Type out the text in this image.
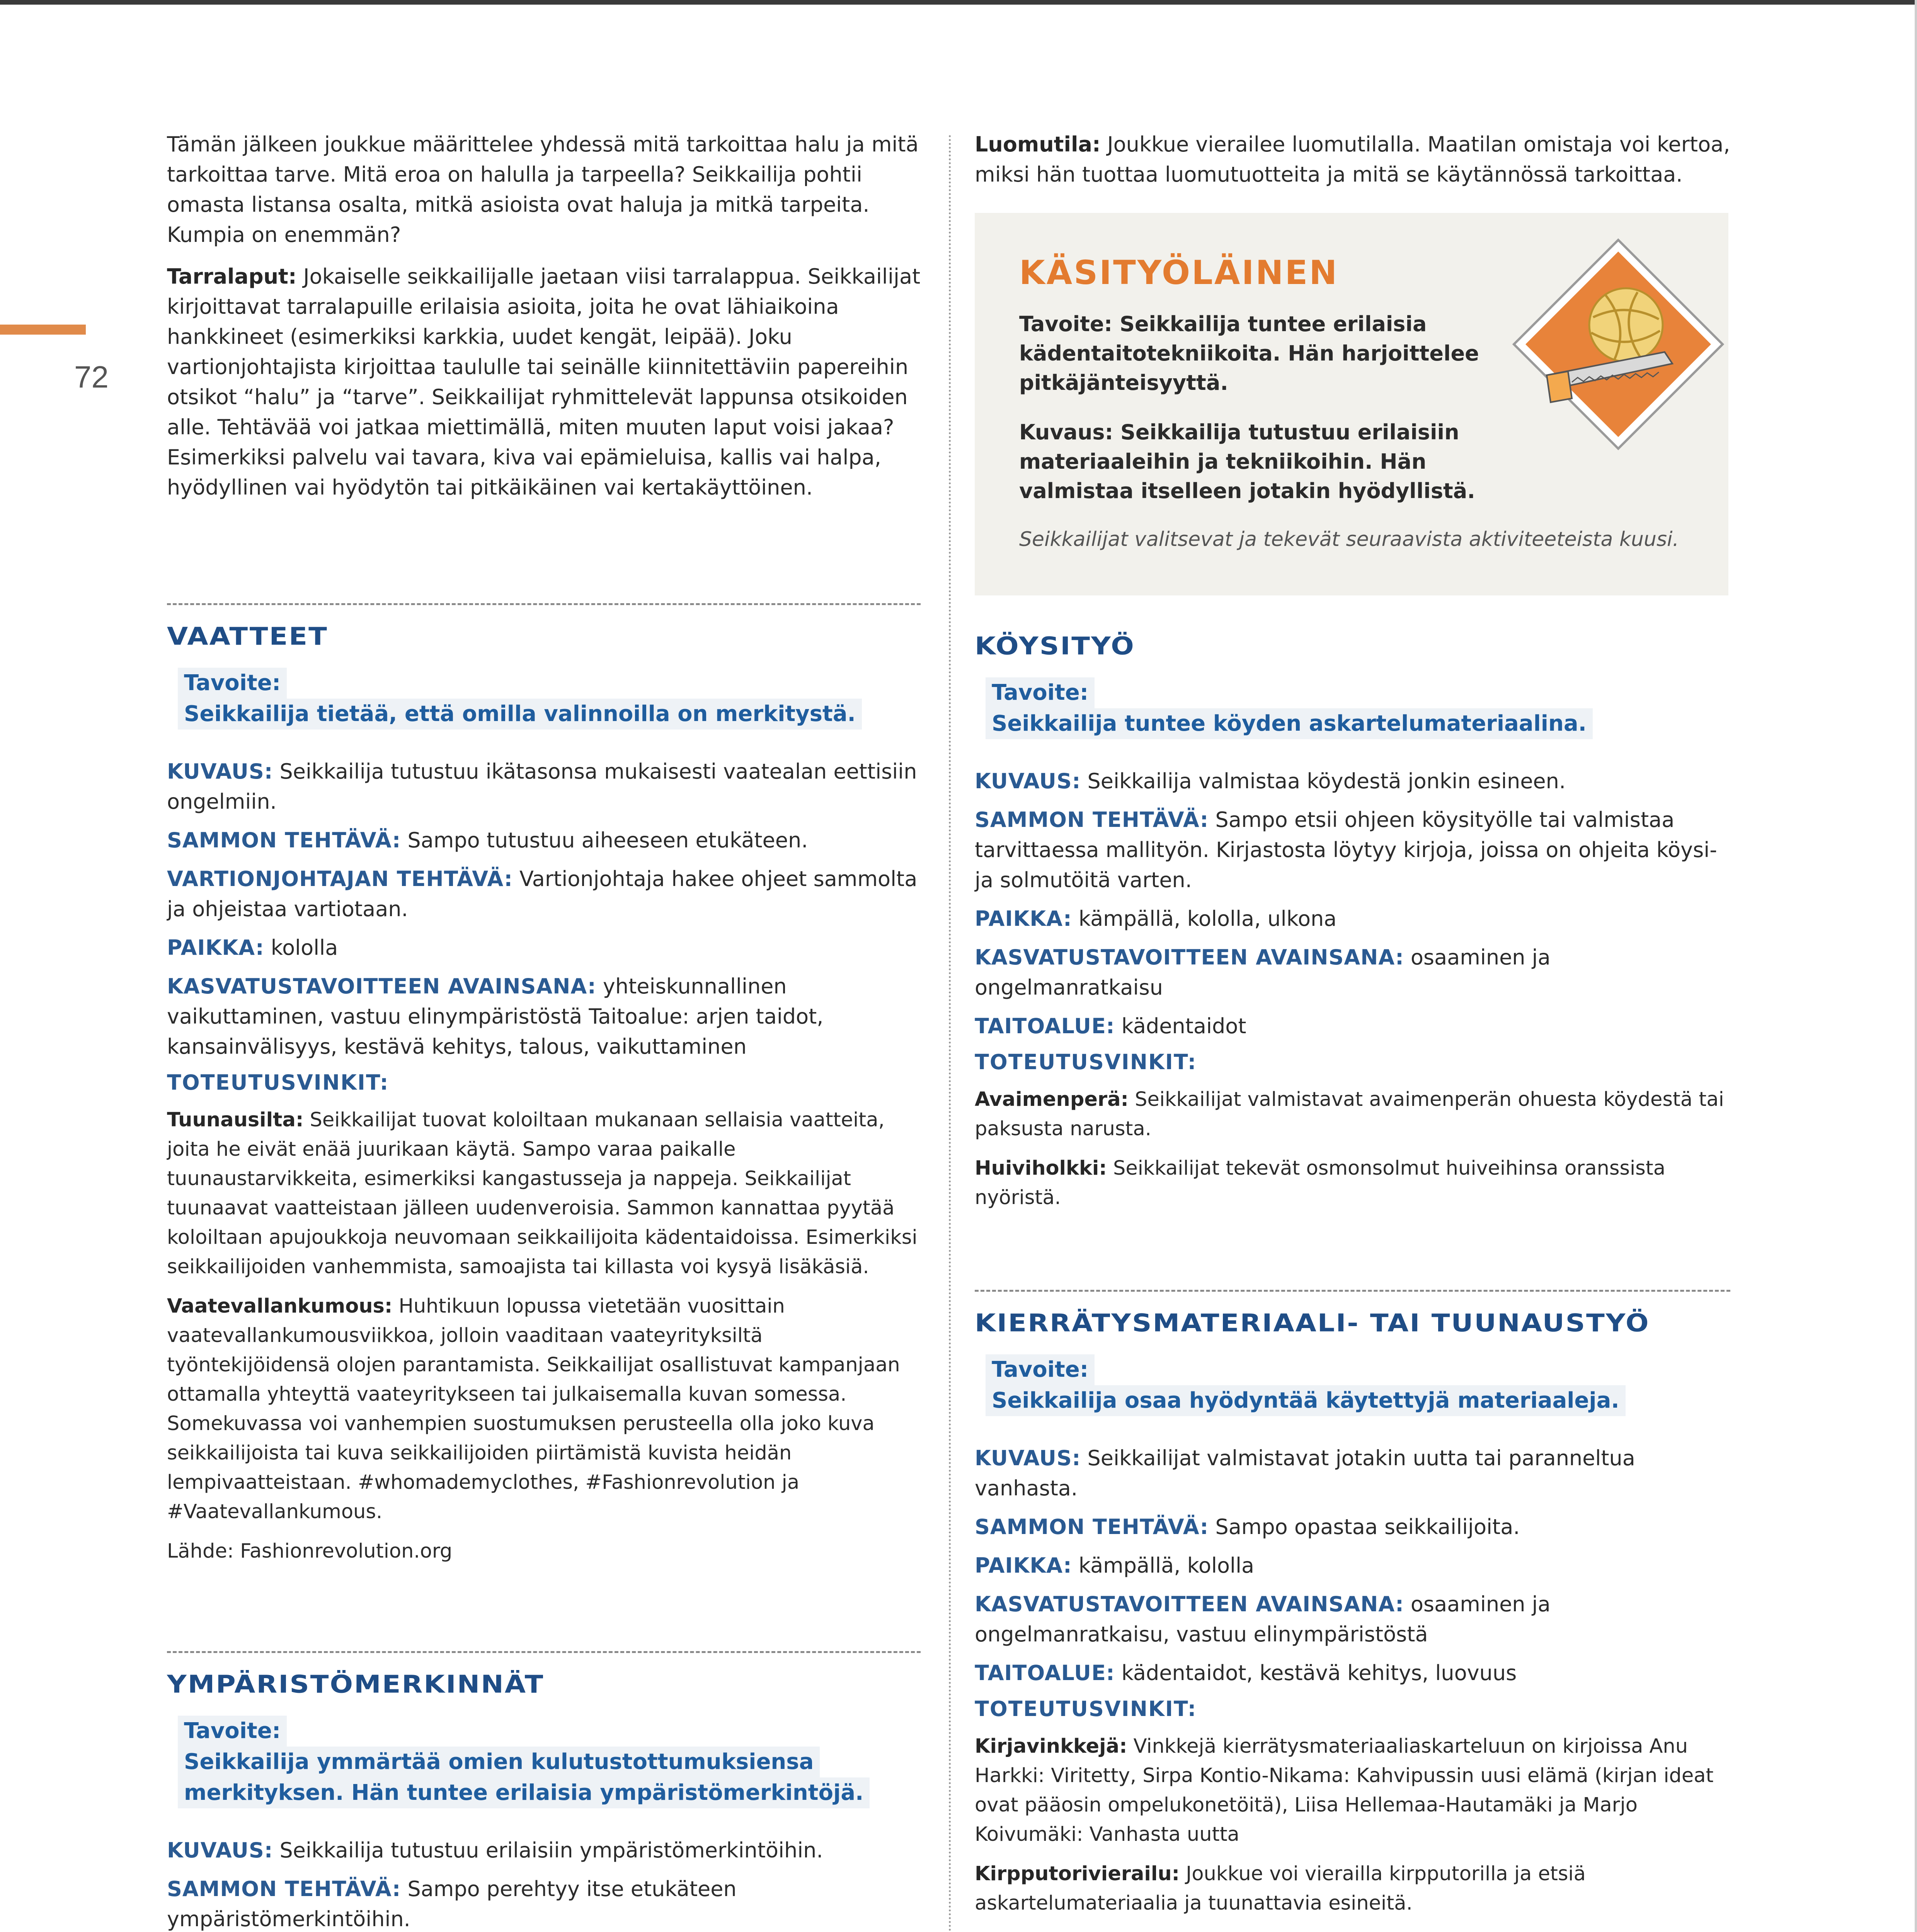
72

Tämän jälkeen joukkue määrittelee yhdessä mitä tarkoittaa halu ja mitä tarkoittaa tarve. Mitä eroa on halulla ja tarpeella? Seikkailija pohtii omasta listansa osalta, mitkä asioista ovat haluja ja mitkä tarpeita. Kumpia on enemmän?

Tarralaput: Jokaiselle seikkailijalle jaetaan viisi tarralappua. Seikkailijat kirjoittavat tarralapuille erilaisia asioita, joita he ovat lähiaikoina hankkineet (esimerkiksi karkkia, uudet kengät, leipää). Joku vartionjohtajista kirjoittaa taululle tai seinälle kiinnitettäviin papereihin otsikot “halu” ja “tarve”. Seikkailijat ryhmittelevät lappunsa otsikoiden alle. Tehtävää voi jatkaa miettimällä, miten muuten laput voisi jakaa? Esimerkiksi palvelu vai tavara, kiva vai epämieluisa, kallis vai halpa, hyödyllinen vai hyödytön tai pitkäikäinen vai kertakäyttöinen.

VAATTEET
Tavoite:
Seikkailija tietää, että omilla valinnoilla on merkitystä.

KUVAUS: Seikkailija tutustuu ikätasonsa mukaisesti vaatealan eettisiin ongelmiin.

SAMMON TEHTÄVÄ: Sampo tutustuu aiheeseen etukäteen.

VARTIONJOHTAJAN TEHTÄVÄ: Vartionjohtaja hakee ohjeet sammolta ja ohjeistaa vartiotaan.

PAIKKA: kololla

KASVATUSTAVOITTEEN AVAINSANA: yhteiskunnallinen vaikuttaminen, vastuu elinympäristöstä Taitoalue: arjen taidot, kansainvälisyys, kestävä kehitys, talous, vaikuttaminen

TOTEUTUSVINKIT:

Tuunausilta: Seikkailijat tuovat koloiltaan mukanaan sellaisia vaatteita, joita he eivät enää juurikaan käytä. Sampo varaa paikalle tuunaustarvikkeita, esimerkiksi kangastusseja ja nappeja. Seikkailijat tuunaavat vaatteistaan jälleen uudenveroisia. Sammon kannattaa pyytää koloiltaan apujoukkoja neuvomaan seikkailijoita kädentaidoissa. Esimerkiksi seikkailijoiden vanhemmista, samoajista tai killasta voi kysyä lisäkäsiä.

Vaatevallankumous: Huhtikuun lopussa vietetään vuosittain vaatevallankumousviikkoa, jolloin vaaditaan vaateyrityksiltä työntekijöidensä olojen parantamista. Seikkailijat osallistuvat kampanjaan ottamalla yhteyttä vaateyritykseen tai julkaisemalla kuvan somessa. Somekuvassa voi vanhempien suostumuksen perusteella olla joko kuva seikkailijoista tai kuva seikkailijoiden piirtämistä kuvista heidän lempivaatteistaan. #whomademyclothes, #Fashionrevolution ja #Vaatevallankumous.

Lähde: Fashionrevolution.org

YMPÄRISTÖMERKINNÄT
Tavoite:
Seikkailija ymmärtää omien kulutustottumuksiensa
merkityksen. Hän tuntee erilaisia ympäristömerkintöjä.

KUVAUS: Seikkailija tutustuu erilaisiin ympäristömerkintöihin.

SAMMON TEHTÄVÄ: Sampo perehtyy itse etukäteen ympäristömerkintöihin.

Luomutila: Joukkue vierailee luomutilalla. Maatilan omistaja voi kertoa, miksi hän tuottaa luomutuotteita ja mitä se käytännössä tarkoittaa.

KÄSITYÖLÄINEN
Tavoite: Seikkailija tuntee erilaisia kädentaitotekniikoita. Hän harjoittelee pitkäjänteisyyttä.
Kuvaus: Seikkailija tutustuu erilaisiin materiaaleihin ja tekniikoihin. Hän valmistaa itselleen jotakin hyödyllistä.
Seikkailijat valitsevat ja tekevät seuraavista aktiviteeteista kuusi.
KÖYSITYÖ
Tavoite:
Seikkailija tuntee köyden askartelumateriaalina.

KUVAUS: Seikkailija valmistaa köydestä jonkin esineen.

SAMMON TEHTÄVÄ: Sampo etsii ohjeen köysityölle tai valmistaa tarvittaessa mallityön. Kirjastosta löytyy kirjoja, joissa on ohjeita köysi- ja solmutöitä varten.

PAIKKA: kämpällä, kololla, ulkona

KASVATUSTAVOITTEEN AVAINSANA: osaaminen ja ongelmanratkaisu

TAITOALUE: kädentaidot

TOTEUTUSVINKIT:

Avaimenperä: Seikkailijat valmistavat avaimenperän ohuesta köydestä tai paksusta narusta.

Huiviholkki: Seikkailijat tekevät osmonsolmut huiveihinsa oranssista nyöristä.

KIERRÄTYSMATERIAALI- TAI TUUNAUSTYÖ
Tavoite:
Seikkailija osaa hyödyntää käytettyjä materiaaleja.

KUVAUS: Seikkailijat valmistavat jotakin uutta tai paranneltua vanhasta.

SAMMON TEHTÄVÄ: Sampo opastaa seikkailijoita.

PAIKKA: kämpällä, kololla

KASVATUSTAVOITTEEN AVAINSANA: osaaminen ja ongelmanratkaisu, vastuu elinympäristöstä

TAITOALUE: kädentaidot, kestävä kehitys, luovuus

TOTEUTUSVINKIT:

Kirjavinkkejä: Vinkkejä kierrätysmateriaaliaskarteluun on kirjoissa Anu Harkki: Viritetty, Sirpa Kontio-Nikama: Kahvipussin uusi elämä (kirjan ideat ovat pääosin ompelukonetöitä), Liisa Hellemaa-Hautamäki ja Marjo Koivumäki: Vanhasta uutta

Kirpputorivierailu: Joukkue voi vierailla kirpputorilla ja etsiä askartelumateriaalia ja tuunattavia esineitä.
